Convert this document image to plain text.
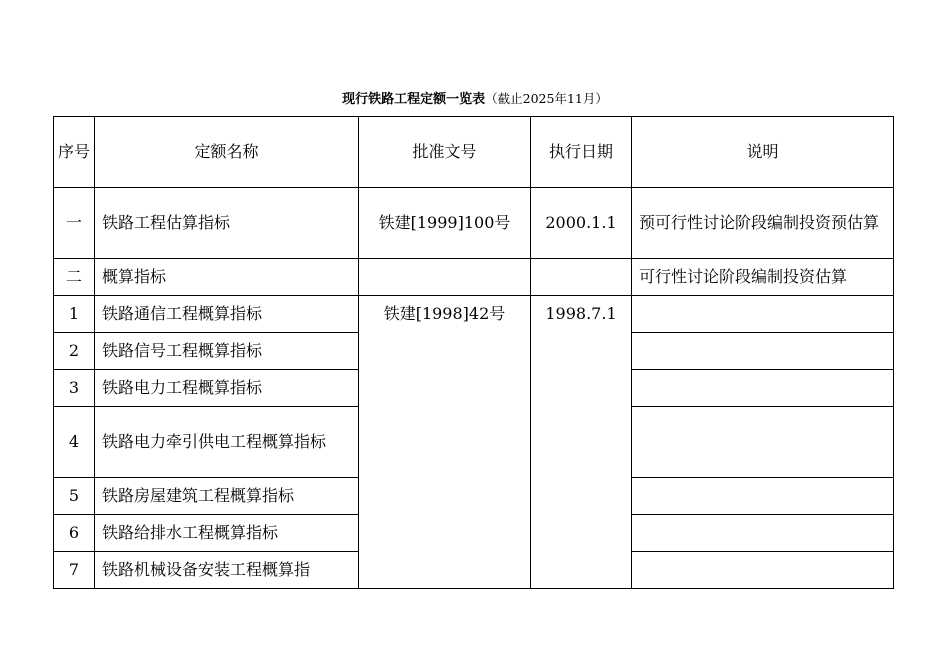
现行铁路工程定额一览表（截止2025年11月）
序号	定额名称	批准文号	执行日期	说明
一	铁路工程估算指标	铁建[1999]100号	2000.1.1	预可行性讨论阶段编制投资预估算
二	概算指标			可行性讨论阶段编制投资估算
1	铁路通信工程概算指标	铁建[1998]42号	1998.7.1	
2	铁路信号工程概算指标			
3	铁路电力工程概算指标			
4	铁路电力牵引供电工程概算指标			
5	铁路房屋建筑工程概算指标			
6	铁路给排水工程概算指标			
7	铁路机械设备安装工程概算指			
